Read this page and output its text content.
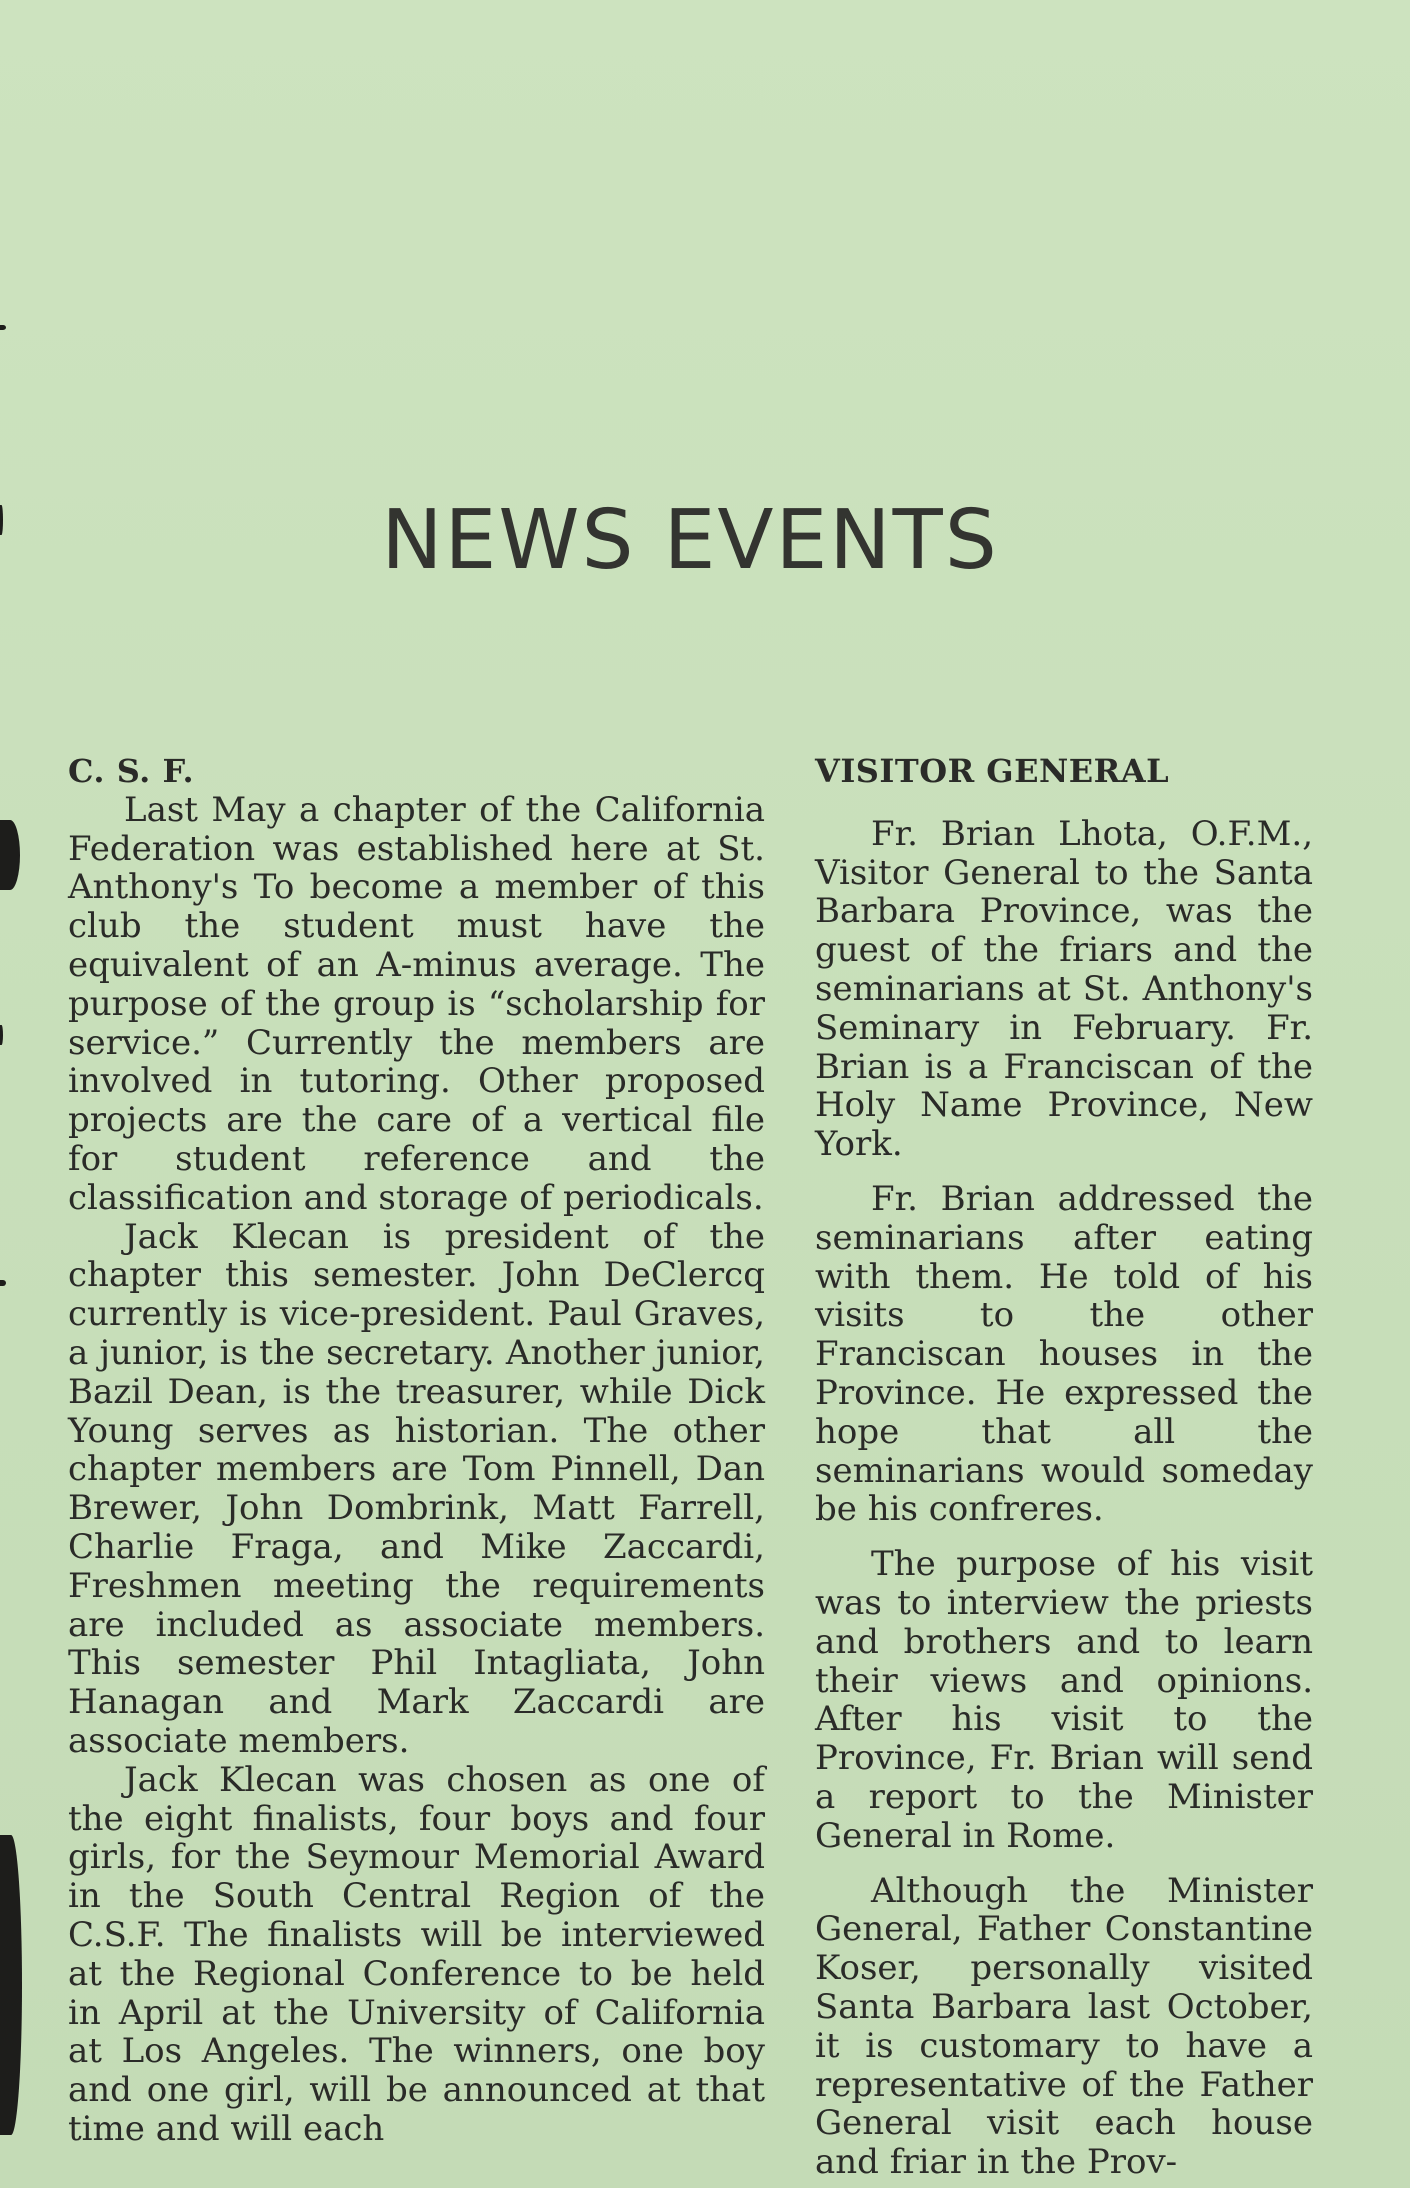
NEWS EVENTS
C. S. F.

Last May a chapter of the California Federation was established here at St. Anthony's To become a member of this club the student must have the equivalent of an A-minus average. The purpose of the group is “scholarship for service.” Currently the members are involved in tutoring. Other proposed projects are the care of a vertical file for student reference and the classification and storage of periodicals.

Jack Klecan is president of the chapter this semester. John DeClercq currently is vice-president. Paul Graves, a junior, is the secretary. Another junior, Bazil Dean, is the treasurer, while Dick Young serves as historian. The other chapter members are Tom Pinnell, Dan Brewer, John Dombrink, Matt Farrell, Charlie Fraga, and Mike Zaccardi, Freshmen meeting the requirements are included as associate members. This semester Phil Intagliata, John Hanagan and Mark Zaccardi are associate members.

Jack Klecan was chosen as one of the eight finalists, four boys and four girls, for the Seymour Memorial Award in the South Central Region of the C.S.F. The finalists will be interviewed at the Regional Conference to be held in April at the University of California at Los Angeles. The winners, one boy and one girl, will be announced at that time and will each

VISITOR GENERAL

Fr. Brian Lhota, O.F.M., Visitor General to the Santa Barbara Province, was the guest of the friars and the seminarians at St. Anthony's Seminary in February. Fr. Brian is a Franciscan of the Holy Name Province, New York.

Fr. Brian addressed the seminarians after eating with them. He told of his visits to the other Franciscan houses in the Province. He expressed the hope that all the seminarians would someday be his confreres.

The purpose of his visit was to interview the priests and brothers and to learn their views and opinions. After his visit to the Province, Fr. Brian will send a report to the Minister General in Rome.

Although the Minister General, Father Constantine Koser, personally visited Santa Barbara last October, it is customary to have a representative of the Father General visit each house and friar in the Prov-
